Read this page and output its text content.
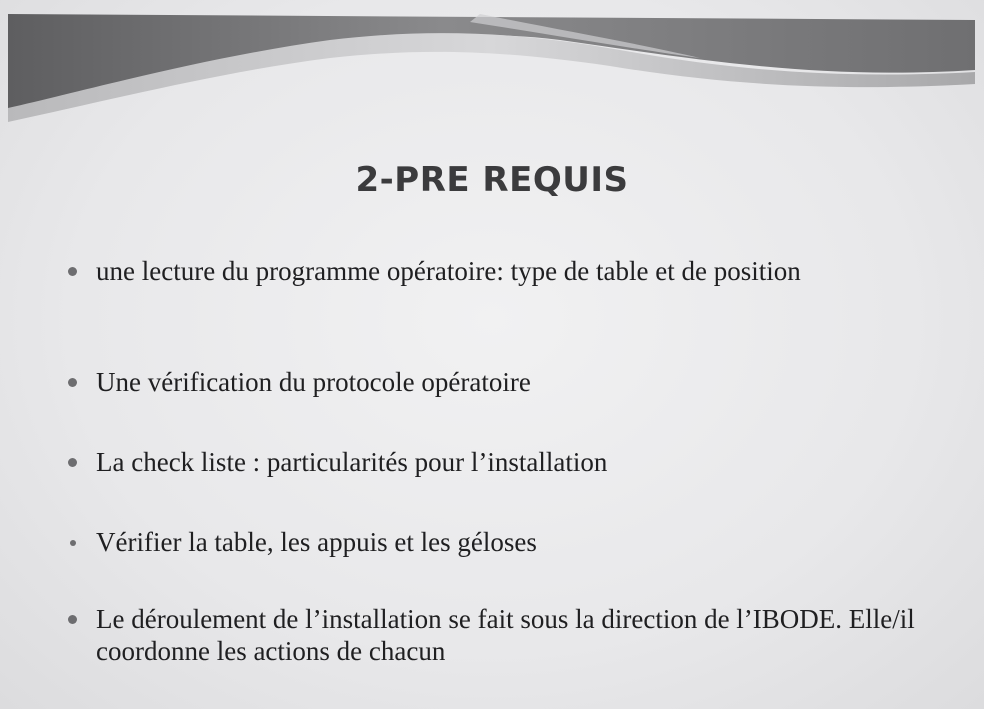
2-PRE REQUIS
une lecture du programme opératoire: type de table et de position
Une vérification du protocole opératoire
La check liste : particularités pour l’installation
Vérifier la table, les appuis et les géloses
Le déroulement de l’installation se fait sous la direction de l’IBODE. Elle/il coordonne les actions de chacun
